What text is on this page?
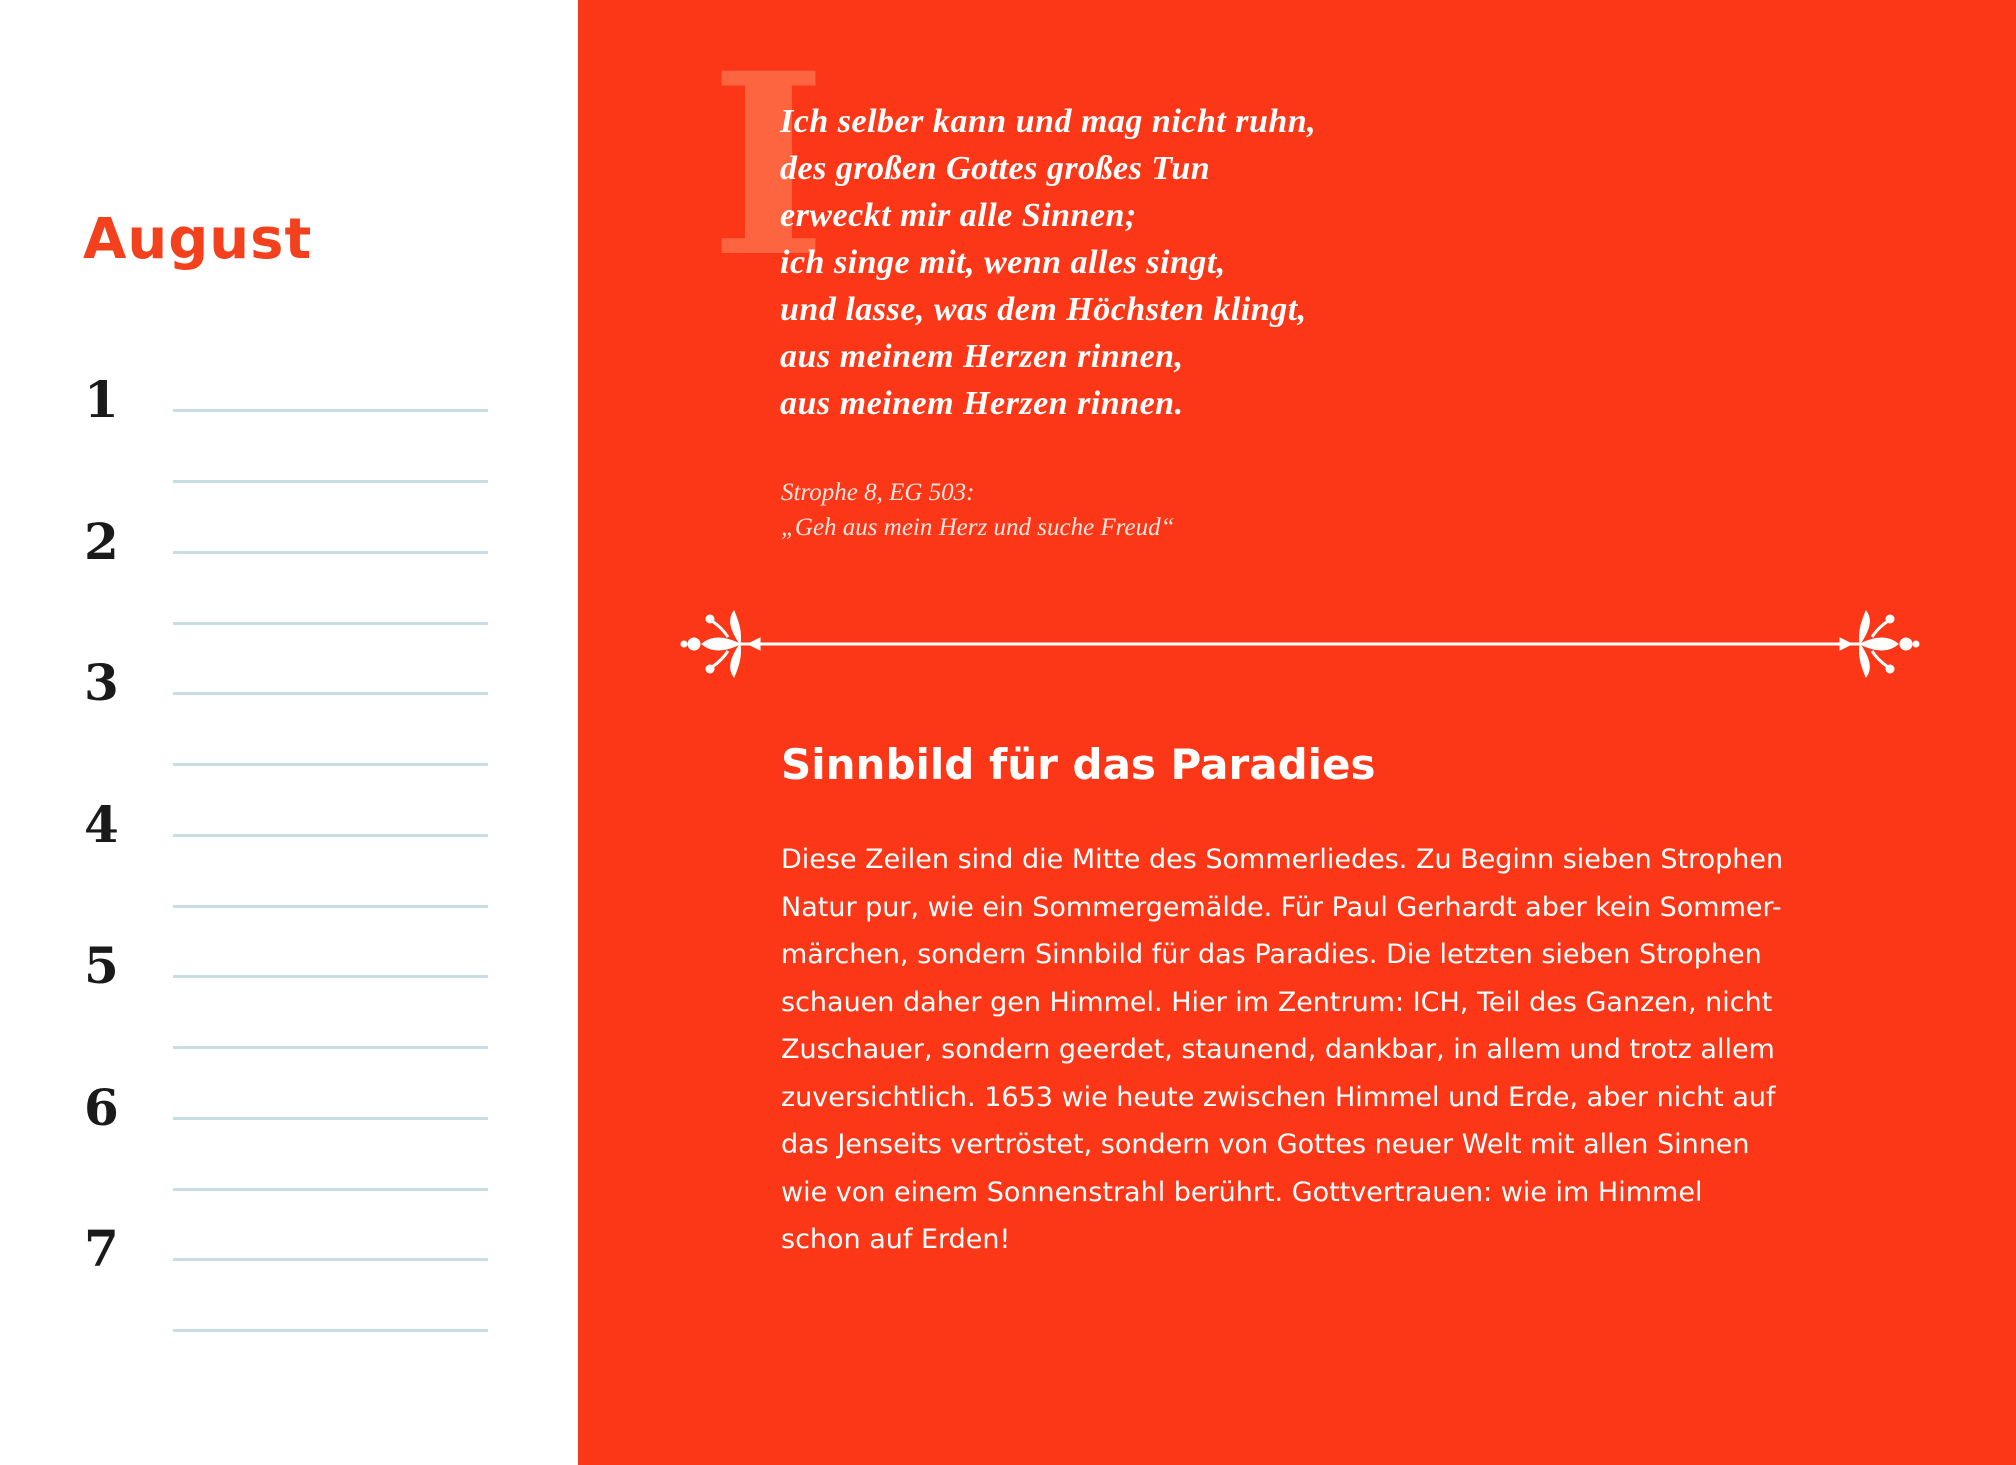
August
1
2
3
4
5
6
7
I
Ich selber kann und mag nicht ruhn,
des großen Gottes großes Tun
erweckt mir alle Sinnen;
ich singe mit, wenn alles singt,
und lasse, was dem Höchsten klingt,
aus meinem Herzen rinnen,
aus meinem Herzen rinnen.
Strophe 8, EG 503:
„Geh aus mein Herz und suche Freud“
Sinnbild für das Paradies
Diese Zeilen sind die Mitte des Sommerliedes. Zu Beginn sieben Strophen
Natur pur, wie ein Sommergemälde. Für Paul Gerhardt aber kein Sommer-
märchen, sondern Sinnbild für das Paradies. Die letzten sieben Strophen
schauen daher gen Himmel. Hier im Zentrum: ICH, Teil des Ganzen, nicht
Zuschauer, sondern geerdet, staunend, dankbar, in allem und trotz allem
zuversichtlich. 1653 wie heute zwischen Himmel und Erde, aber nicht auf
das Jenseits vertröstet, sondern von Gottes neuer Welt mit allen Sinnen
wie von einem Sonnenstrahl berührt. Gottvertrauen: wie im Himmel
schon auf Erden!
